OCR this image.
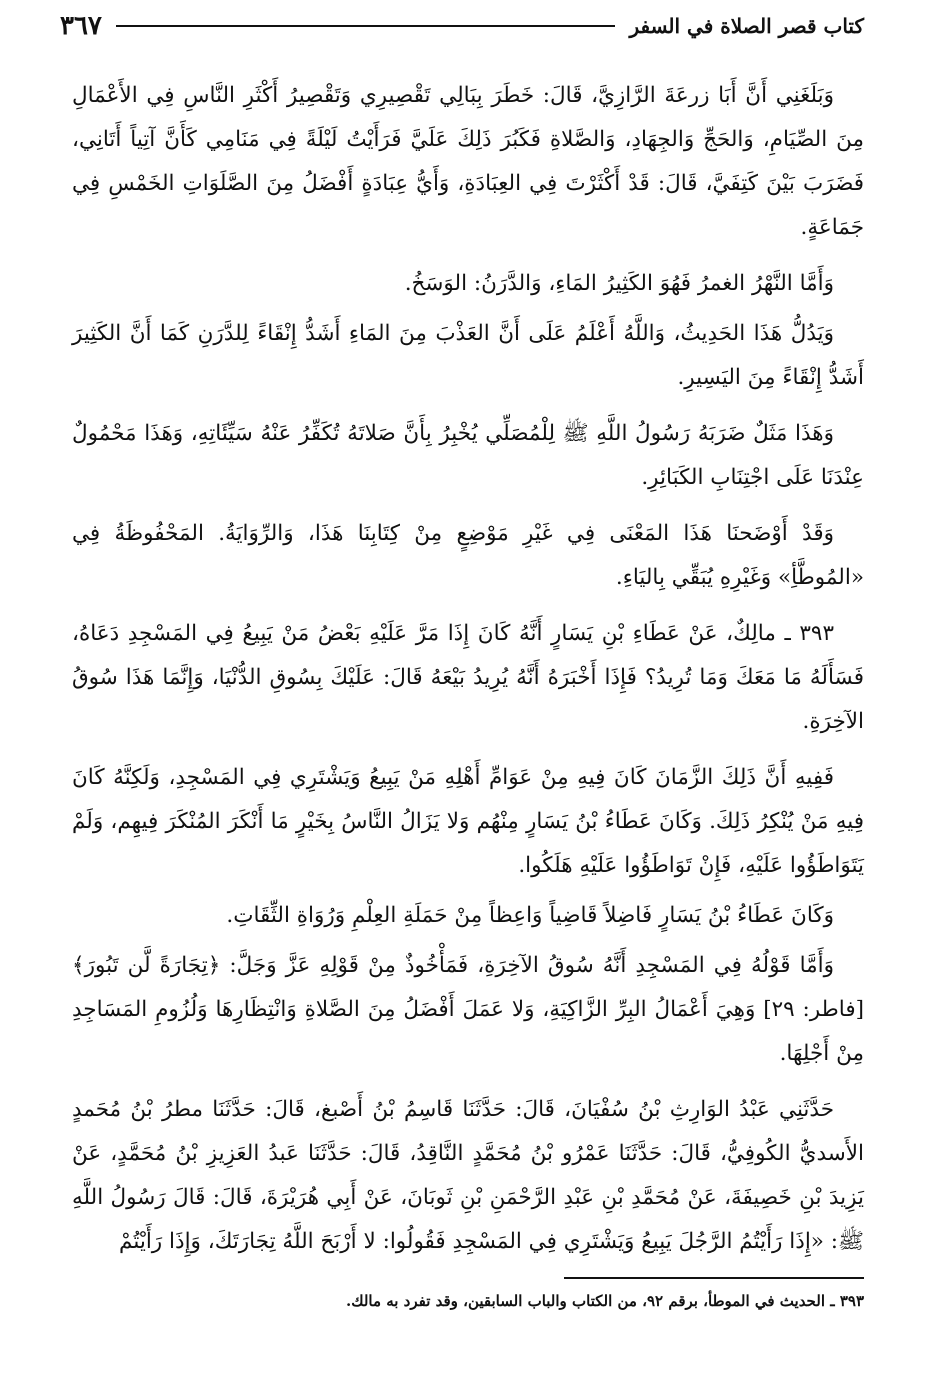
كتاب قصر الصلاة في السفر
٣٦٧

وَبَلَغَنِي أَنَّ أَبَا زرعَةَ الرَّازِيَّ، قَالَ: خَطَرَ بِبَالِي تَقْصِيرِي وَتَقْصِيرُ أَكْثَرِ النَّاسِ فِي الأَعْمَالِ مِنَ الصِّيَامِ، وَالحَجِّ وَالجِهَادِ، وَالصَّلاةِ فَكَبُرَ ذَلِكَ عَلَيَّ فَرَأَيْتُ لَيْلَةً فِي مَنَامِي كَأَنَّ آتِياً أَتَانِي، فَضَرَبَ بَيْنَ كَتِفَيَّ، قَالَ: قَدْ أَكْثَرْتَ فِي العِبَادَةِ، وَأَيُّ عِبَادَةٍ أَفْضَلُ مِنَ الصَّلَوَاتِ الخَمْسِ فِي جَمَاعَةٍ.

وَأَمَّا النَّهْرُ الغمرُ فَهُوَ الكَثِيرُ المَاءِ، وَالدَّرَنُ: الوَسَخُ.

وَيَدُلُّ هَذَا الحَدِيثُ، وَاللَّهُ أَعْلَمُ عَلَى أَنَّ العَذْبَ مِنَ المَاءِ أَشَدُّ إِنْقَاءً لِلدَّرَنِ كَمَا أَنَّ الكَثِيرَ أَشَدُّ إِنْقَاءً مِنَ اليَسِيرِ.

وَهَذَا مَثَلٌ ضَرَبَهُ رَسُولُ اللَّهِ ﷺ لِلْمُصَلِّي يُخْبِرُ بِأَنَّ صَلاتَهُ تُكَفِّرُ عَنْهُ سَيِّئَاتِهِ، وَهَذَا مَحْمُولٌ عِنْدَنَا عَلَى اجْتِنَابِ الكَبَائِرِ.

وَقَدْ أَوْضَحنَا هَذَا المَعْنَى فِي غَيْرِ مَوْضِعٍ مِنْ كِتَابِنَا هَذَا، وَالرِّوَايَةُ. المَحْفُوظَةُ فِي «المُوطَّأِ» وَغَيْرِهِ يُبَقِّي بِاليَاءِ.

٣٩٣ ـ مالِكٌ، عَنْ عَطَاءِ بْنِ يَسَارٍ أَنَّهُ كَانَ إِذَا مَرَّ عَلَيْهِ بَعْضُ مَنْ يَبِيعُ فِي المَسْجِدِ دَعَاهُ، فَسَأَلَهُ مَا مَعَكَ وَمَا تُرِيدُ؟ فَإِذَا أَخْبَرَهُ أَنَّهُ يُرِيدُ بَيْعَهُ قَالَ: عَلَيْكَ بِسُوقِ الدُّنْيَا، وَإِنَّمَا هَذَا سُوقُ الآخِرَةِ.

فَفِيهِ أَنَّ ذَلِكَ الزَّمَانَ كَانَ فِيهِ مِنْ عَوَامِّ أَهْلِهِ مَنْ يَبِيعُ وَيَشْتَرِي فِي المَسْجِدِ، وَلَكِنَّهُ كَانَ فِيهِ مَنْ يُنْكِرُ ذَلِكَ. وَكَانَ عَطَاءُ بْنُ يَسَارٍ مِنْهُم وَلا يَزَالُ النَّاسُ بِخَيْرٍ مَا أَنْكَرَ المُنْكَرَ فِيهِم، وَلَمْ يَتَوَاطَؤُوا عَلَيْهِ، فَإِنْ تَوَاطَؤُوا عَلَيْهِ هَلَكُوا.

وَكَانَ عَطَاءُ بْنُ يَسَارٍ فَاضِلاً قَاضِياً وَاعِظاً مِنْ حَمَلَةِ العِلْمِ وَرُوَاةِ الثِّقَاتِ.

وَأَمَّا قَوْلُهُ فِي المَسْجِدِ أَنَّهُ سُوقُ الآخِرَةِ، فَمَأْخُوذٌ مِنْ قَوْلِهِ عَزَّ وَجَلَّ: ﴿تِجَارَةً لَّن تَبُورَ﴾ [فاطر: ٢٩] وَهِيَ أَعْمَالُ البِرِّ الزَّاكِيَةِ، وَلا عَمَلَ أَفْضَلُ مِنَ الصَّلاةِ وَانْتِظَارِهَا وَلُزُومِ المَسَاجِدِ مِنْ أَجْلِهَا.

حَدَّثَنِي عَبْدُ الوَارِثِ بْنُ سُفْيَانَ، قَالَ: حَدَّثَنَا قَاسِمُ بْنُ أَصْبغ، قَالَ: حَدَّثَنَا مطرُ بْنُ مُحَمدٍ الأَسديُّ الكُوفِيُّ، قَالَ: حَدَّثَنَا عَمْرُو بْنُ مُحَمَّدٍ النَّاقِدُ، قَالَ: حَدَّثَنَا عَبدُ العَزِيزِ بْنُ مُحَمَّدٍ، عَنْ يَزِيدَ بْنِ خَصِيفَةَ، عَنْ مُحَمَّدِ بْنِ عَبْدِ الرَّحْمَنِ بْنِ ثَوبَانَ، عَنْ أَبِي هُرَيْرَةَ، قَالَ: قَالَ رَسُولُ اللَّهِ ﷺ: «إِذَا رَأَيْتُمُ الرَّجُلَ يَبِيعُ وَيَشْتَرِي فِي المَسْجِدِ فَقُولُوا: لا أَرْبَحَ اللَّهُ تِجَارَتَكَ، وَإِذَا رَأَيْتُمْ

٣٩٣ ـ الحديث في الموطأ، برقم ٩٢، من الكتاب والباب السابقين، وقد تفرد به مالك.
